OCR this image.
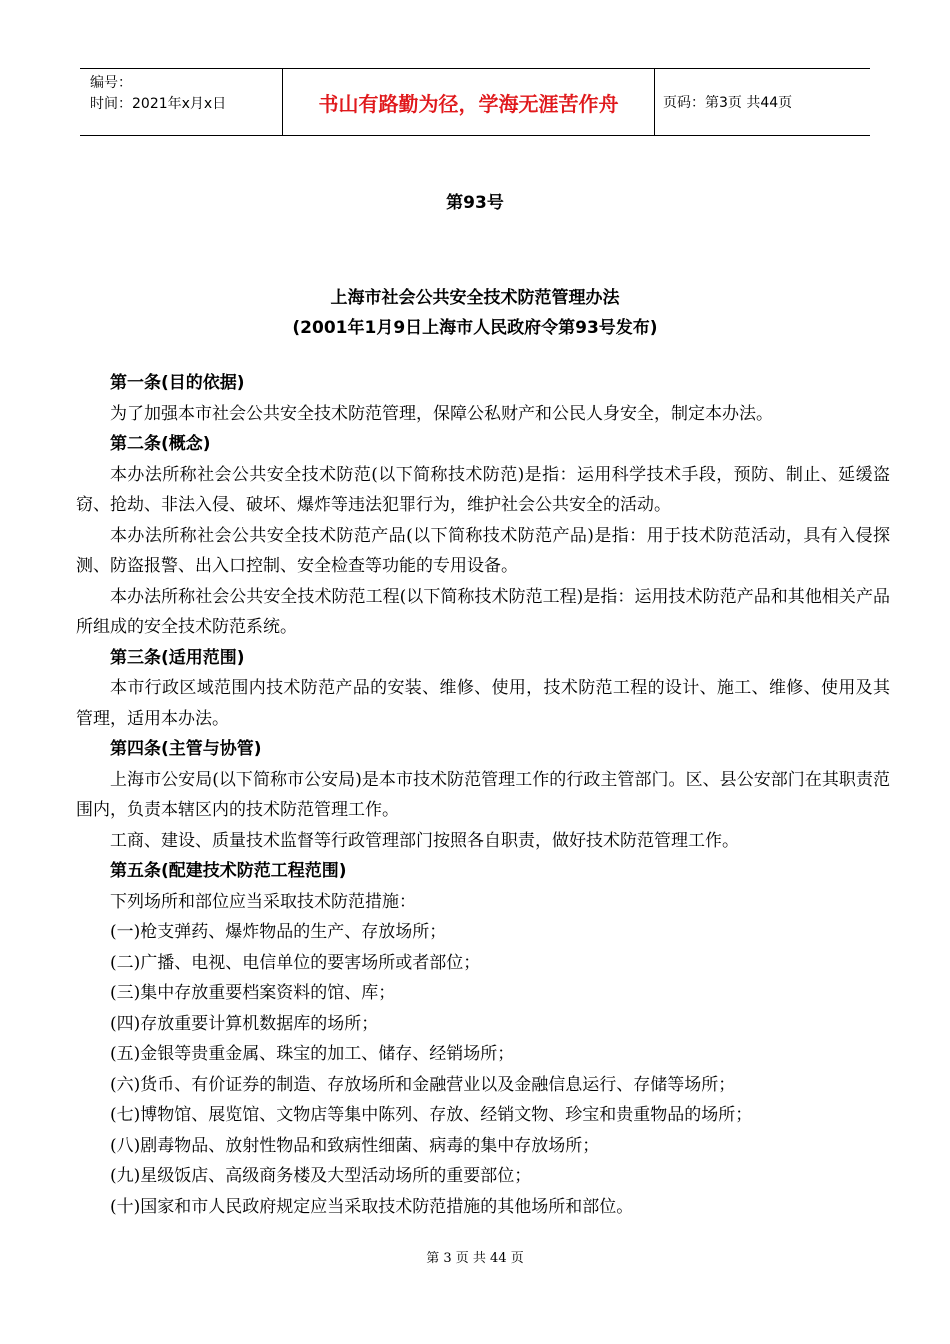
编号：
时间：2021年x月x日	书山有路勤为径，学海无涯苦作舟	页码：第3页 共44页
第93号
上海市社会公共安全技术防范管理办法
(2001年1月9日上海市人民政府令第93号发布)

第一条(目的依据)

为了加强本市社会公共安全技术防范管理，保障公私财产和公民人身安全，制定本办法。

第二条(概念)

本办法所称社会公共安全技术防范(以下简称技术防范)是指：运用科学技术手段，预防、制止、延缓盗窃、抢劫、非法入侵、破坏、爆炸等违法犯罪行为，维护社会公共安全的活动。

本办法所称社会公共安全技术防范产品(以下简称技术防范产品)是指：用于技术防范活动，具有入侵探测、防盗报警、出入口控制、安全检查等功能的专用设备。

本办法所称社会公共安全技术防范工程(以下简称技术防范工程)是指：运用技术防范产品和其他相关产品所组成的安全技术防范系统。

第三条(适用范围)

本市行政区域范围内技术防范产品的安装、维修、使用，技术防范工程的设计、施工、维修、使用及其管理，适用本办法。

第四条(主管与协管)

上海市公安局(以下简称市公安局)是本市技术防范管理工作的行政主管部门。区、县公安部门在其职责范围内，负责本辖区内的技术防范管理工作。

工商、建设、质量技术监督等行政管理部门按照各自职责，做好技术防范管理工作。

第五条(配建技术防范工程范围)

下列场所和部位应当采取技术防范措施：

(一)枪支弹药、爆炸物品的生产、存放场所；

(二)广播、电视、电信单位的要害场所或者部位；

(三)集中存放重要档案资料的馆、库；

(四)存放重要计算机数据库的场所；

(五)金银等贵重金属、珠宝的加工、储存、经销场所；

(六)货币、有价证券的制造、存放场所和金融营业以及金融信息运行、存储等场所；

(七)博物馆、展览馆、文物店等集中陈列、存放、经销文物、珍宝和贵重物品的场所；

(八)剧毒物品、放射性物品和致病性细菌、病毒的集中存放场所；

(九)星级饭店、高级商务楼及大型活动场所的重要部位；

(十)国家和市人民政府规定应当采取技术防范措施的其他场所和部位。

第 3 页 共 44 页
